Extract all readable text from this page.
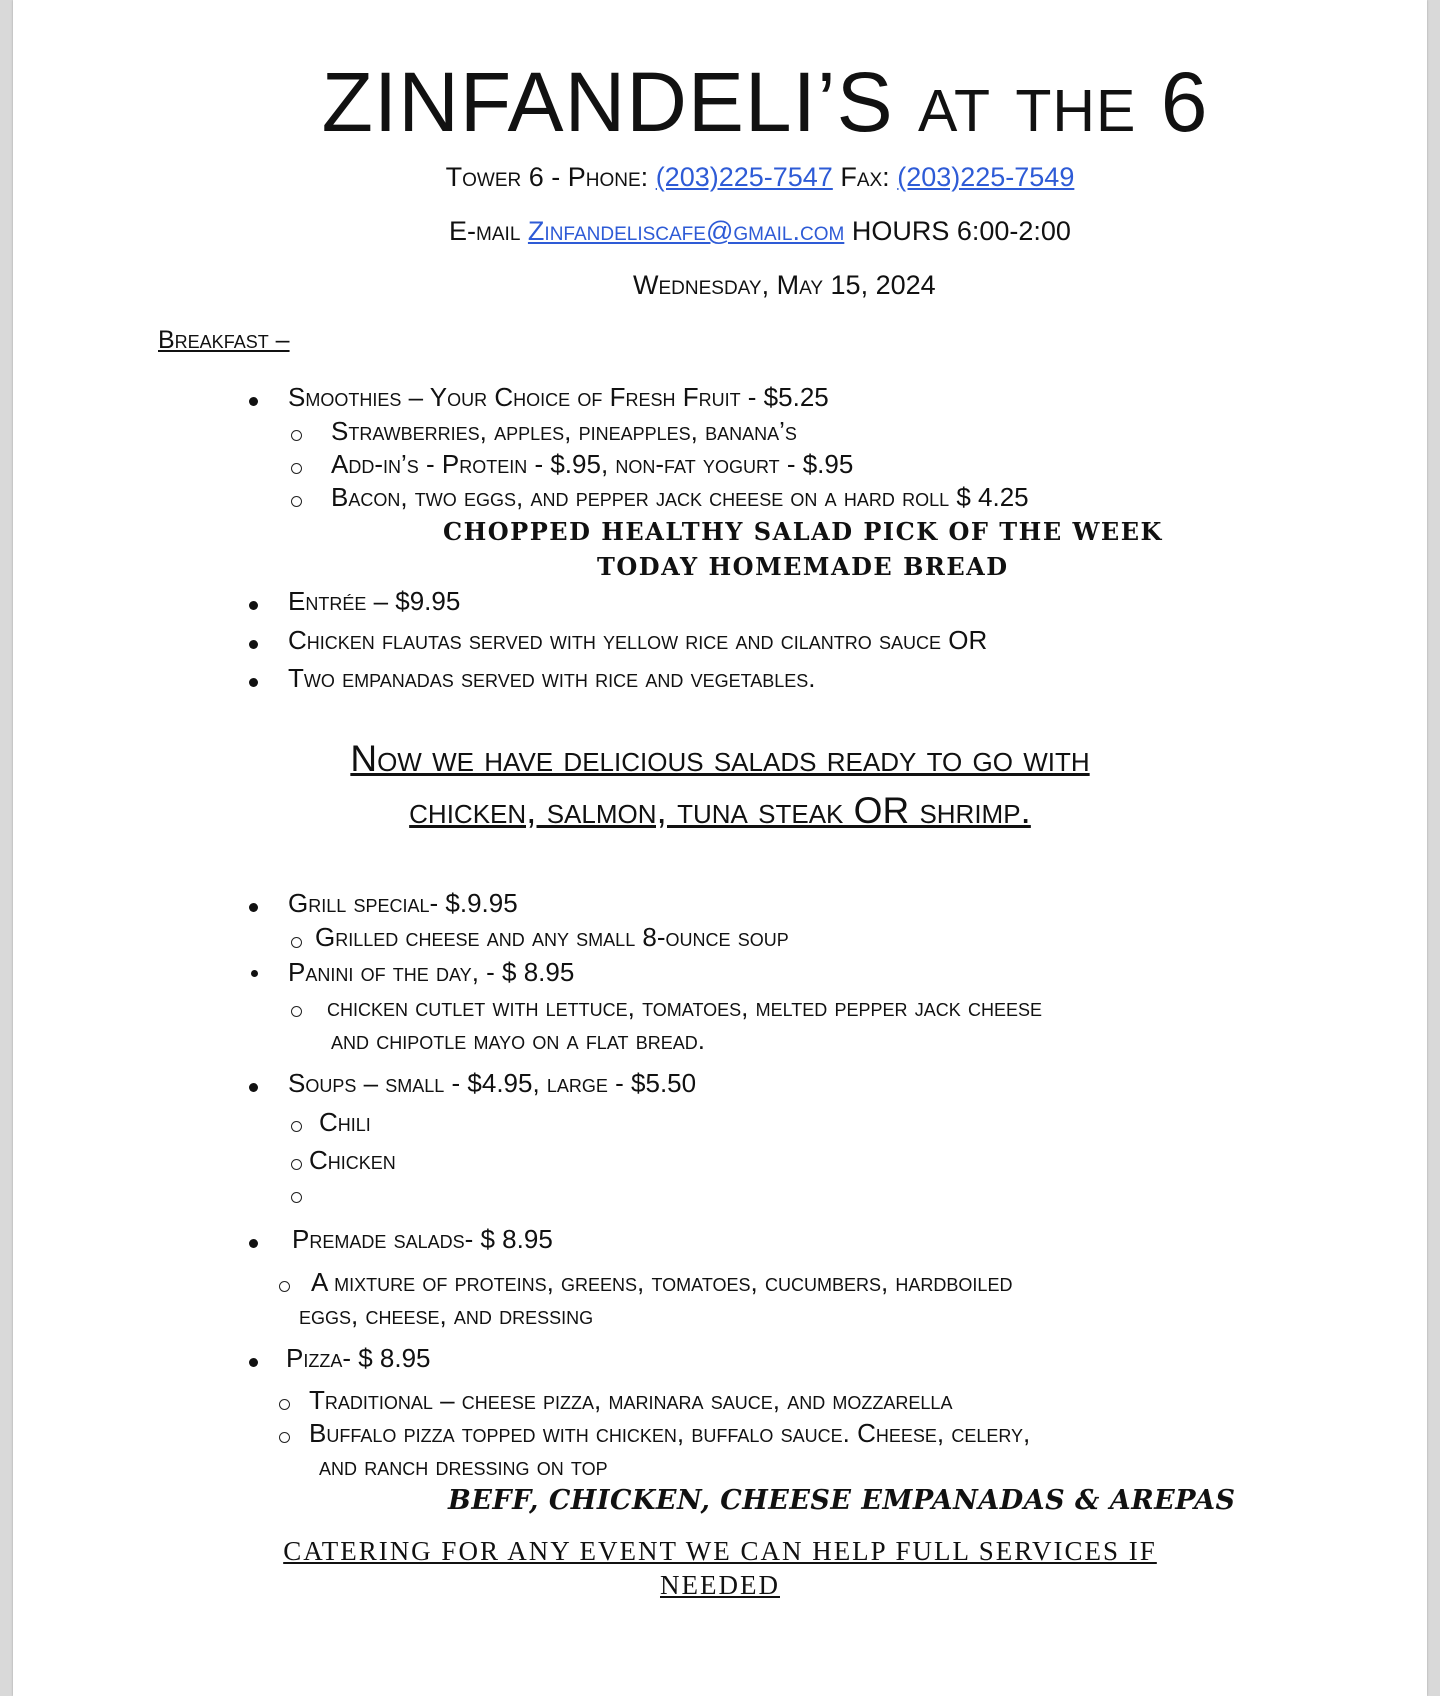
ZINFANDELI’S at the 6
Tower 6 - Phone: (203)225-7547 Fax: (203)225-7549
E-mail Zinfandeliscafe@gmail.com HOURS 6:00-2:00
Wednesday, May 15, 2024
Breakfast –
Smoothies – Your Choice of Fresh Fruit - $5.25
Strawberries, apples, pineapples, banana’s
Add-in’s - Protein - $.95, non-fat yogurt - $.95
Bacon, two eggs, and pepper jack cheese on a hard roll $ 4.25
CHOPPED HEALTHY SALAD PICK OF THE WEEK
TODAY HOMEMADE BREAD
Entrée – $9.95
Chicken flautas served with yellow rice and cilantro sauce OR
Two empanadas served with rice and vegetables.
Now we have delicious salads ready to go with
chicken, salmon, tuna steak OR shrimp.
Grill special- $.9.95
Grilled cheese and any small 8-ounce soup
Panini of the day, - $ 8.95
chicken cutlet with lettuce, tomatoes, melted pepper jack cheese
and chipotle mayo on a flat bread.
Soups – small - $4.95, large - $5.50
Chili
Chicken
Premade salads- $ 8.95
A mixture of proteins, greens, tomatoes, cucumbers, hardboiled
eggs, cheese, and dressing
Pizza- $ 8.95
Traditional – cheese pizza, marinara sauce, and mozzarella
Buffalo pizza topped with chicken, buffalo sauce. Cheese, celery,
and ranch dressing on top
BEFF, CHICKEN, CHEESE EMPANADAS & AREPAS
CATERING FOR ANY EVENT WE CAN HELP FULL SERVICES IF
NEEDED
